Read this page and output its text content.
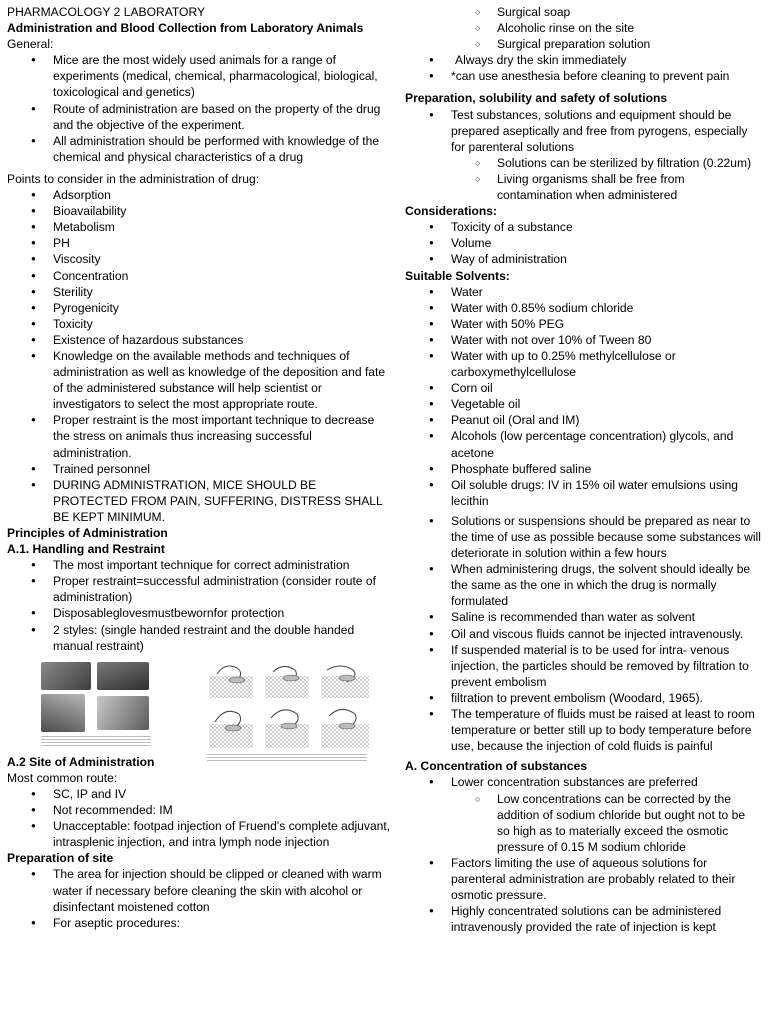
PHARMACOLOGY 2 LABORATORY

Administration and Blood Collection from Laboratory Animals

General:

● Mice are the most widely used animals for a range of experiments (medical, chemical, pharmacological, biological, toxicological and genetics)
● Route of administration are based on the property of the drug and the objective of the experiment.
● All administration should be performed with knowledge of the chemical and physical characteristics of a drug

Points to consider in the administration of drug:

● Adsorption
● Bioavailability
● Metabolism
● PH
● Viscosity
● Concentration
● Sterility
● Pyrogenicity
● Toxicity
● Existence of hazardous substances
● Knowledge on the available methods and techniques of administration as well as knowledge of the deposition and fate of the administered substance will help scientist or investigators to select the most appropriate route.
● Proper restraint is the most important technique to decrease the stress on animals thus increasing successful administration.
● Trained personnel
● DURING ADMINISTRATION, MICE SHOULD BE PROTECTED FROM PAIN, SUFFERING, DISTRESS SHALL BE KEPT MINIMUM.
Principles of Administration
A.1. Handling and Restraint
● The most important technique for correct administration
● Proper restraint=successful administration (consider route of administration)
● Disposableglovesmustbewornfor protection
● 2 styles: (single handed restraint and the double handed manual restraint)
A.2 Site of Administration

Most common route:

● SC, IP and IV
● Not recommended: IM
● Unacceptable: footpad injection of Fruend's complete adjuvant, intrasplenic injection, and intra lymph node injection
Preparation of site
● The area for injection should be clipped or cleaned with warm water if necessary before cleaning the skin with alcohol or disinfectant moistened cotton
● For aseptic procedures:
○ Surgical soap
○ Alcoholic rinse on the site
○ Surgical preparation solution
● Always dry the skin immediately
● *can use anesthesia before cleaning to prevent pain
Preparation, solubility and safety of solutions
● Test substances, solutions and equipment should be prepared aseptically and free from pyrogens, especially for parenteral solutions
○ Solutions can be sterilized by filtration (0.22um)
○ Living organisms shall be free from contamination when administered
Considerations:
● Toxicity of a substance
● Volume
● Way of administration
Suitable Solvents:
● Water
● Water with 0.85% sodium chloride
● Water with 50% PEG
● Water with not over 10% of Tween 80
● Water with up to 0.25% methylcellulose or carboxymethylcellulose
● Corn oil
● Vegetable oil
● Peanut oil (Oral and IM)
● Alcohols (low percentage concentration) glycols, and acetone
● Phosphate buffered saline
● Oil soluble drugs: IV in 15% oil water emulsions using lecithin
● Solutions or suspensions should be prepared as near to the time of use as possible because some substances will deteriorate in solution within a few hours
● When administering drugs, the solvent should ideally be the same as the one in which the drug is normally formulated
● Saline is recommended than water as solvent
● Oil and viscous fluids cannot be injected intravenously.
● If suspended material is to be used for intra- venous injection, the particles should be removed by filtration to prevent embolism
● filtration to prevent embolism (Woodard, 1965).
● The temperature of fluids must be raised at least to room temperature or better still up to body temperature before use, because the injection of cold fluids is painful
A. Concentration of substances
● Lower concentration substances are preferred
○ Low concentrations can be corrected by the addition of sodium chloride but ought not to be so high as to materially exceed the osmotic pressure of 0.15 M sodium chloride
● Factors limiting the use of aqueous solutions for parenteral administration are probably related to their osmotic pressure.
● Highly concentrated solutions can be administered intravenously provided the rate of injection is kept
